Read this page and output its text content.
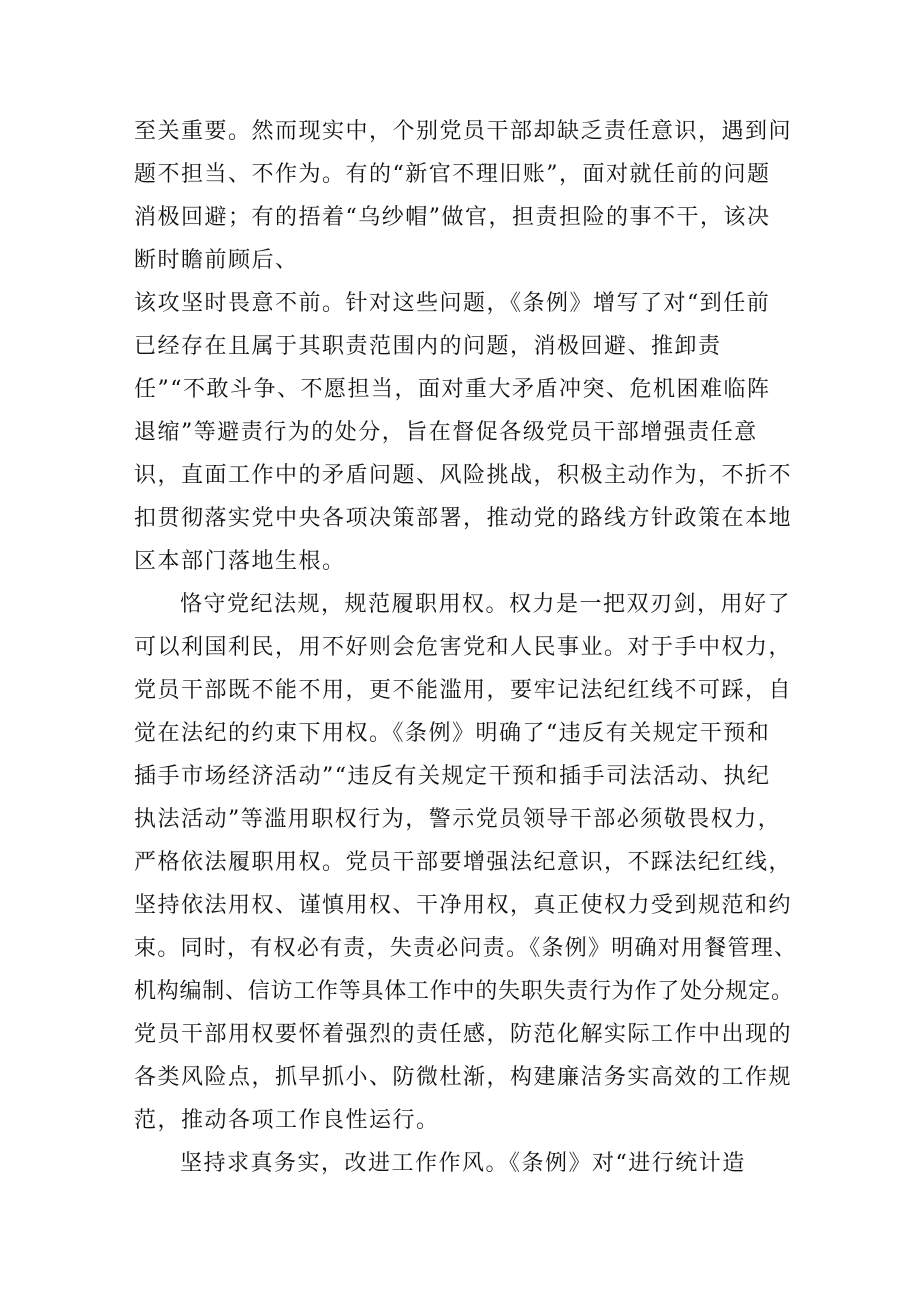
至关重要。然而现实中，个别党员干部却缺乏责任意识，遇到问
题不担当、不作为。有的“新官不理旧账”，面对就任前的问题
消极回避；有的捂着“乌纱帽”做官，担责担险的事不干，该决
断时瞻前顾后、
该攻坚时畏意不前。针对这些问题，《条例》增写了对“到任前
已经存在且属于其职责范围内的问题，消极回避、推卸责
任”“不敢斗争、不愿担当，面对重大矛盾冲突、危机困难临阵
退缩”等避责行为的处分，旨在督促各级党员干部增强责任意
识，直面工作中的矛盾问题、风险挑战，积极主动作为，不折不
扣贯彻落实党中央各项决策部署，推动党的路线方针政策在本地
区本部门落地生根。
恪守党纪法规，规范履职用权。权力是一把双刃剑，用好了
可以利国利民，用不好则会危害党和人民事业。对于手中权力，
党员干部既不能不用，更不能滥用，要牢记法纪红线不可踩，自
觉在法纪的约束下用权。《条例》明确了“违反有关规定干预和
插手市场经济活动”“违反有关规定干预和插手司法活动、执纪
执法活动”等滥用职权行为，警示党员领导干部必须敬畏权力，
严格依法履职用权。党员干部要增强法纪意识，不踩法纪红线，
坚持依法用权、谨慎用权、干净用权，真正使权力受到规范和约
束。同时，有权必有责，失责必问责。《条例》明确对用餐管理、
机构编制、信访工作等具体工作中的失职失责行为作了处分规定。
党员干部用权要怀着强烈的责任感，防范化解实际工作中出现的
各类风险点，抓早抓小、防微杜渐，构建廉洁务实高效的工作规
范，推动各项工作良性运行。
坚持求真务实，改进工作作风。《条例》对“进行统计造
